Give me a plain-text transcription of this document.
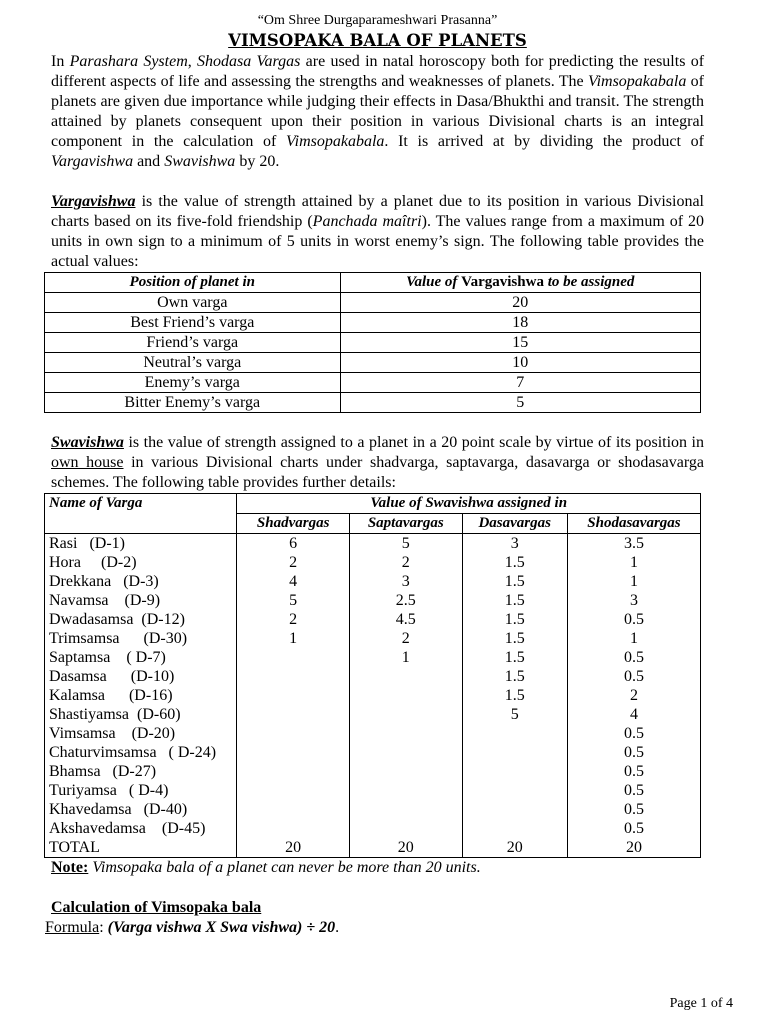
“Om Shree Durgaparameshwari Prasanna”
VIMSOPAKA BALA OF PLANETS

In Parashara System, Shodasa Vargas are used in natal horoscopy both for predicting the results of different aspects of life and assessing the strengths and weaknesses of planets. The Vimsopakabala of planets are given due importance while judging their effects in Dasa/Bhukthi and transit. The strength attained by planets consequent upon their position in various Divisional charts is an integral component in the calculation of Vimsopakabala. It is arrived at by dividing the product of Vargavishwa and Swavishwa by 20.

Vargavishwa is the value of strength attained by a planet due to its position in various Divisional charts based on its five-fold friendship (Panchada maîtri). The values range from a maximum of 20 units in own sign to a minimum of 5 units in worst enemy’s sign. The following table provides the actual values:

Position of planet in	Value of Vargavishwa to be assigned
Own varga	20
Best Friend’s varga	18
Friend’s varga	15
Neutral’s varga	10
Enemy’s varga	7
Bitter Enemy’s varga	5

Swavishwa is the value of strength assigned to a planet in a 20 point scale by virtue of its position in own house in various Divisional charts under shadvarga, saptavarga, dasavarga or shodasavarga schemes. The following table provides further details:

Name of Varga	Value of Swavishwa assigned in			
	Shadvargas	Saptavargas	Dasavargas	Shodasavargas
Rasi   (D-1)	6	5	3	3.5
Hora     (D-2)	2	2	1.5	1
Drekkana   (D-3)	4	3	1.5	1
Navamsa    (D-9)	5	2.5	1.5	3
Dwadasamsa  (D-12)	2	4.5	1.5	0.5
Trimsamsa      (D-30)	1	2	1.5	1
Saptamsa    ( D-7)		1	1.5	0.5
Dasamsa      (D-10)			1.5	0.5
Kalamsa      (D-16)			1.5	2
Shastiyamsa  (D-60)			5	4
Vimsamsa    (D-20)				0.5
Chaturvimsamsa   ( D-24)				0.5
Bhamsa   (D-27)				0.5
Turiyamsa   ( D-4)				0.5
Khavedamsa   (D-40)				0.5
Akshavedamsa    (D-45)				0.5
TOTAL	20	20	20	20

Note: Vimsopaka bala of a planet can never be more than 20 units.

Calculation of Vimsopaka bala

Formula: (Varga vishwa X Swa vishwa) ÷ 20.

Page 1 of 4
